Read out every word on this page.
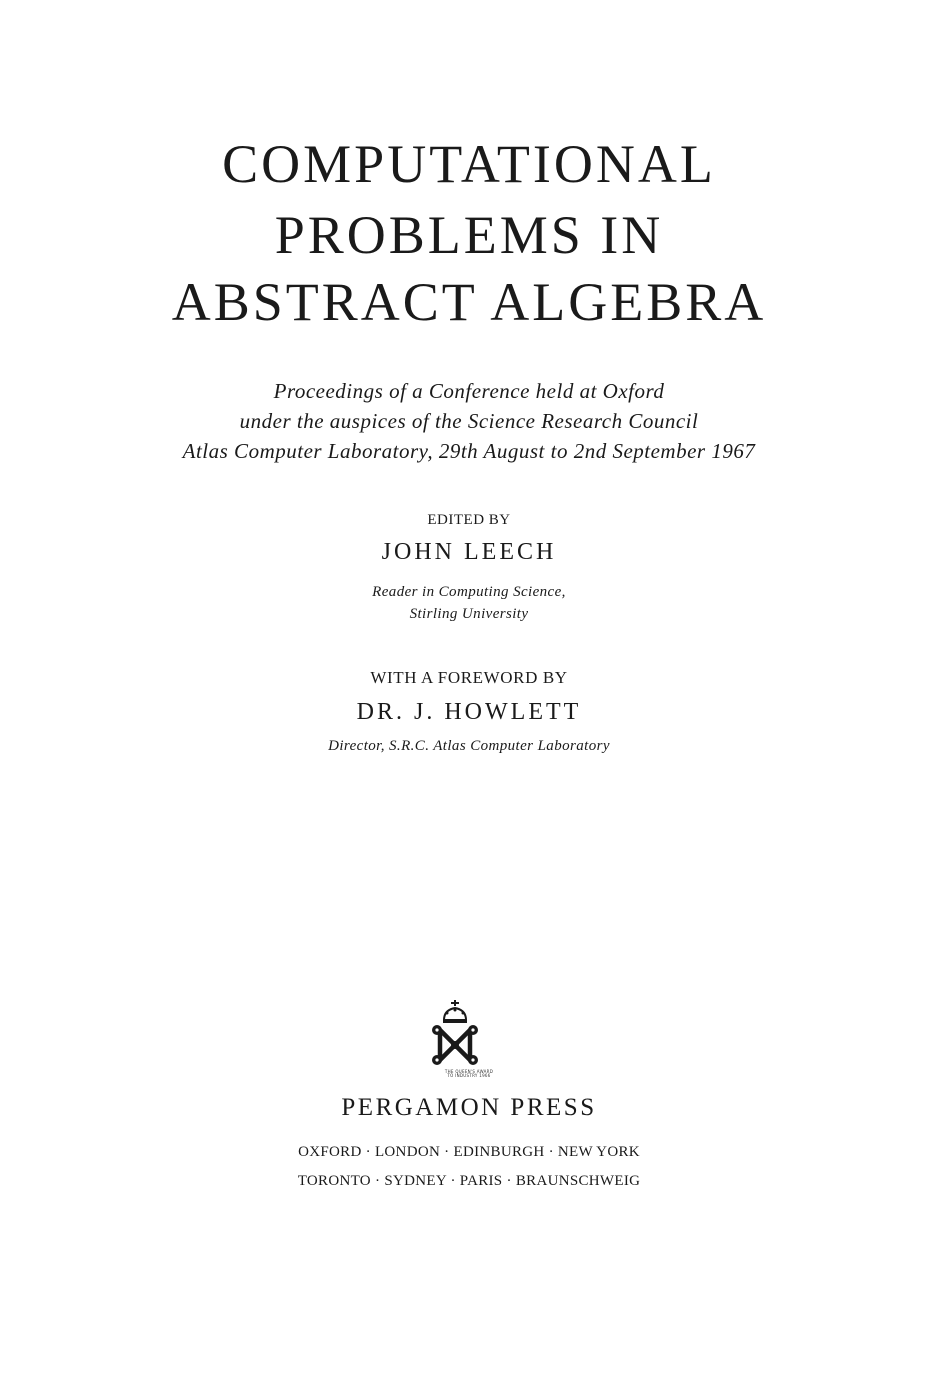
COMPUTATIONAL
PROBLEMS IN
ABSTRACT ALGEBRA
Proceedings of a Conference held at Oxford
under the auspices of the Science Research Council
Atlas Computer Laboratory, 29th August to 2nd September 1967
EDITED BY
JOHN LEECH
Reader in Computing Science,
Stirling University
WITH A FOREWORD BY
DR. J. HOWLETT
Director, S.R.C. Atlas Computer Laboratory
THE QUEEN'S AWARD
TO INDUSTRY 1966
PERGAMON PRESS
OXFORD · LONDON · EDINBURGH · NEW YORK
TORONTO · SYDNEY · PARIS · BRAUNSCHWEIG
